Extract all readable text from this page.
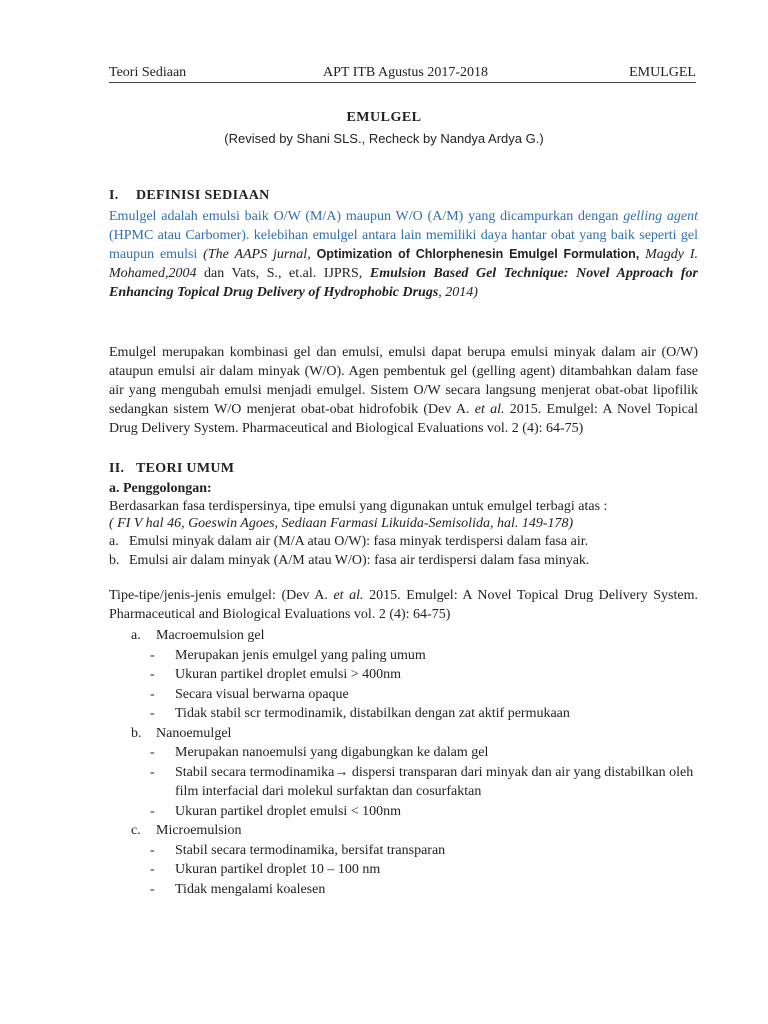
Teori Sediaan	APT ITB Agustus 2017-2018	EMULGEL
EMULGEL
(Revised by Shani SLS., Recheck by Nandya Ardya G.)
I. DEFINISI SEDIAAN
Emulgel adalah emulsi baik O/W (M/A) maupun W/O (A/M) yang dicampurkan dengan gelling agent (HPMC atau Carbomer). kelebihan emulgel antara lain memiliki daya hantar obat yang baik seperti gel maupun emulsi (The AAPS jurnal, Optimization of Chlorphenesin Emulgel Formulation, Magdy I. Mohamed,2004 dan Vats, S., et.al. IJPRS, Emulsion Based Gel Technique: Novel Approach for Enhancing Topical Drug Delivery of Hydrophobic Drugs, 2014)
Emulgel merupakan kombinasi gel dan emulsi, emulsi dapat berupa emulsi minyak dalam air (O/W) ataupun emulsi air dalam minyak (W/O). Agen pembentuk gel (gelling agent) ditambahkan dalam fase air yang mengubah emulsi menjadi emulgel. Sistem O/W secara langsung menjerat obat-obat lipofilik sedangkan sistem W/O menjerat obat-obat hidrofobik (Dev A. et al. 2015. Emulgel: A Novel Topical Drug Delivery System. Pharmaceutical and Biological Evaluations vol. 2 (4): 64-75)
II. TEORI UMUM
a. Penggolongan:
Berdasarkan fasa terdispersinya, tipe emulsi yang digunakan untuk emulgel terbagi atas :
( FI V hal 46, Goeswin Agoes, Sediaan Farmasi Likuida-Semisolida, hal. 149-178)
a. Emulsi minyak dalam air (M/A atau O/W): fasa minyak terdispersi dalam fasa air.
b. Emulsi air dalam minyak (A/M atau W/O): fasa air terdispersi dalam fasa minyak.
Tipe-tipe/jenis-jenis emulgel: (Dev A. et al. 2015. Emulgel: A Novel Topical Drug Delivery System. Pharmaceutical and Biological Evaluations vol. 2 (4): 64-75)
a. Macroemulsion gel
- Merupakan jenis emulgel yang paling umum
- Ukuran partikel droplet emulsi > 400nm
- Secara visual berwarna opaque
- Tidak stabil scr termodinamik, distabilkan dengan zat aktif permukaan
b. Nanoemulgel
- Merupakan nanoemulsi yang digabungkan ke dalam gel
- Stabil secara termodinamika→ dispersi transparan dari minyak dan air yang distabilkan oleh film interfacial dari molekul surfaktan dan cosurfaktan
- Ukuran partikel droplet emulsi < 100nm
c. Microemulsion
- Stabil secara termodinamika, bersifat transparan
- Ukuran partikel droplet 10 – 100 nm
- Tidak mengalami koalesen
